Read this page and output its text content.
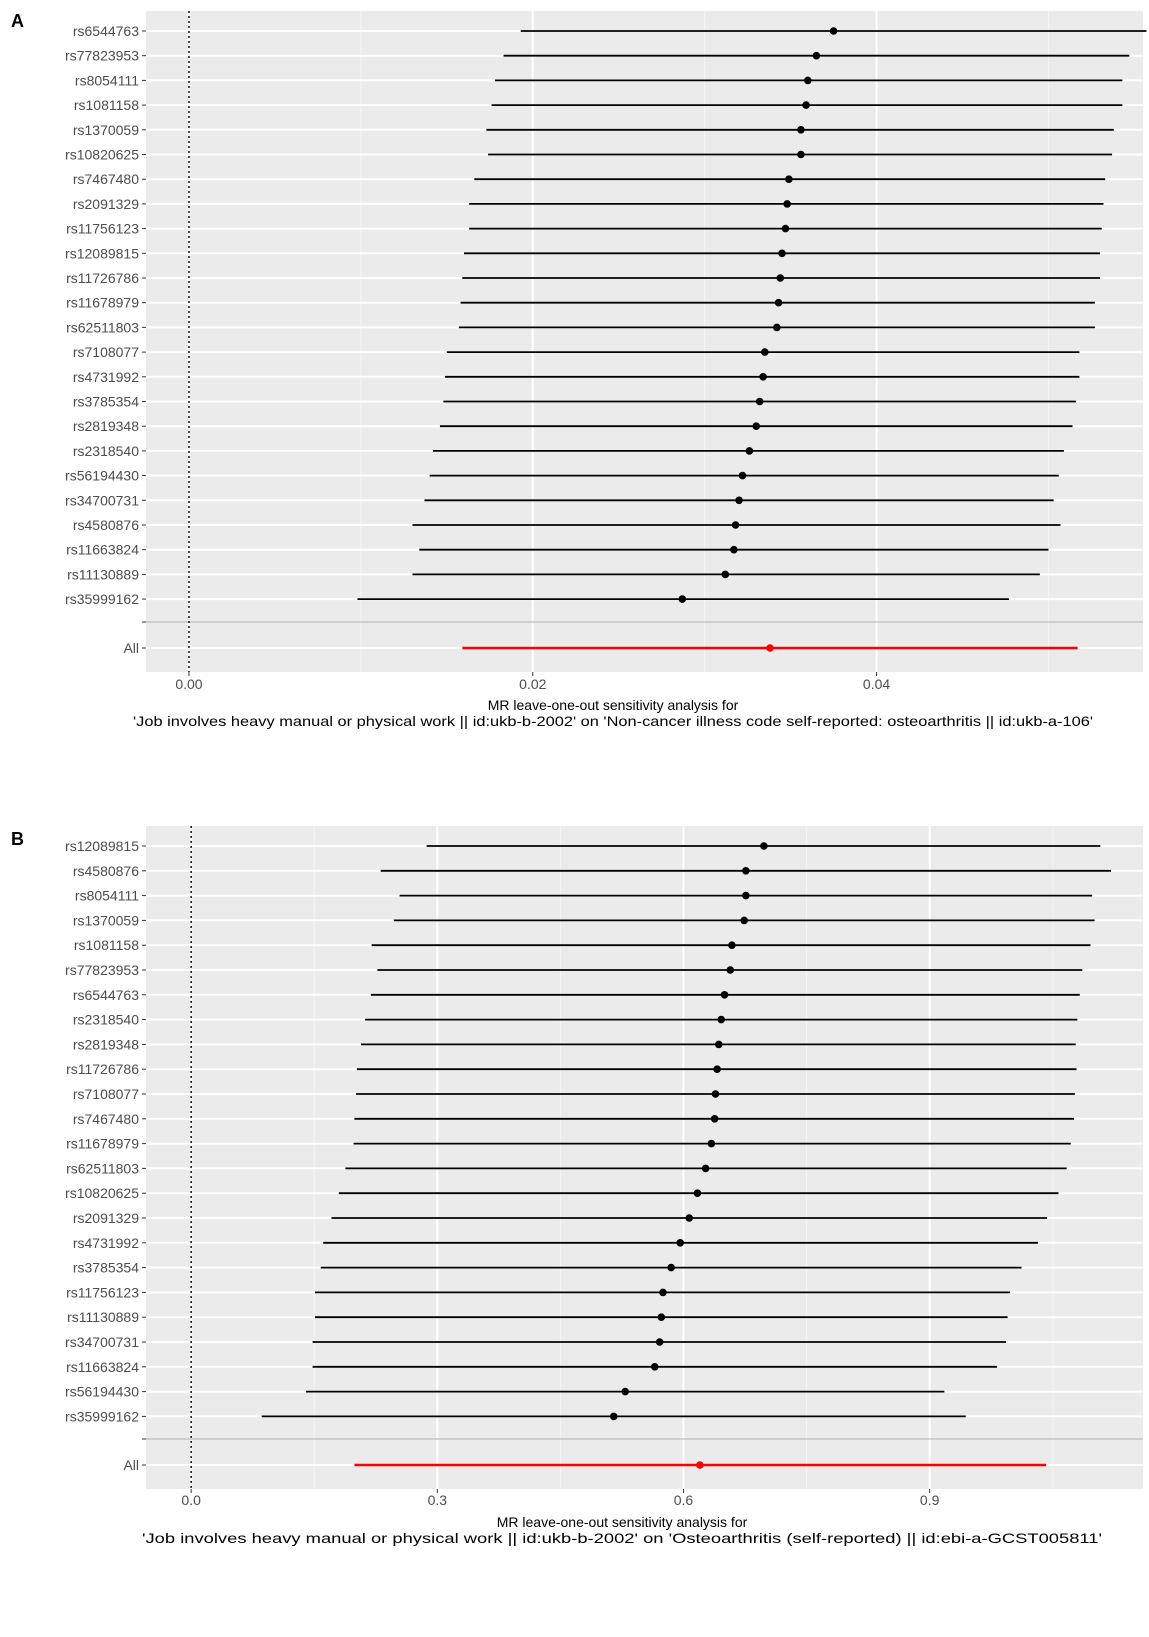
rs6544763
rs77823953
rs8054111
rs1081158
rs1370059
rs10820625
rs7467480
rs2091329
rs11756123
rs12089815
rs11726786
rs11678979
rs62511803
rs7108077
rs4731992
rs3785354
rs2819348
rs2318540
rs56194430
rs34700731
rs4580876
rs11663824
rs11130889
rs35999162
All
0.00	0.02	0.04
MR leave-one-out sensitivity analysis for
'Job involves heavy manual or physical work || id:ukb-b-2002' on 'Non-cancer illness code self-reported: osteoarthritis || id:ukb-a-106'
A
rs12089815
rs4580876
rs8054111
rs1370059
rs1081158
rs77823953
rs6544763
rs2318540
rs2819348
rs11726786
rs7108077
rs7467480
rs11678979
rs62511803
rs10820625
rs2091329
rs4731992
rs3785354
rs11756123
rs11130889
rs34700731
rs11663824
rs56194430
rs35999162
All
0.0	0.3	0.6	0.9
MR leave-one-out sensitivity analysis for
'Job involves heavy manual or physical work || id:ukb-b-2002' on 'Osteoarthritis (self-reported) || id:ebi-a-GCST005811'
B
